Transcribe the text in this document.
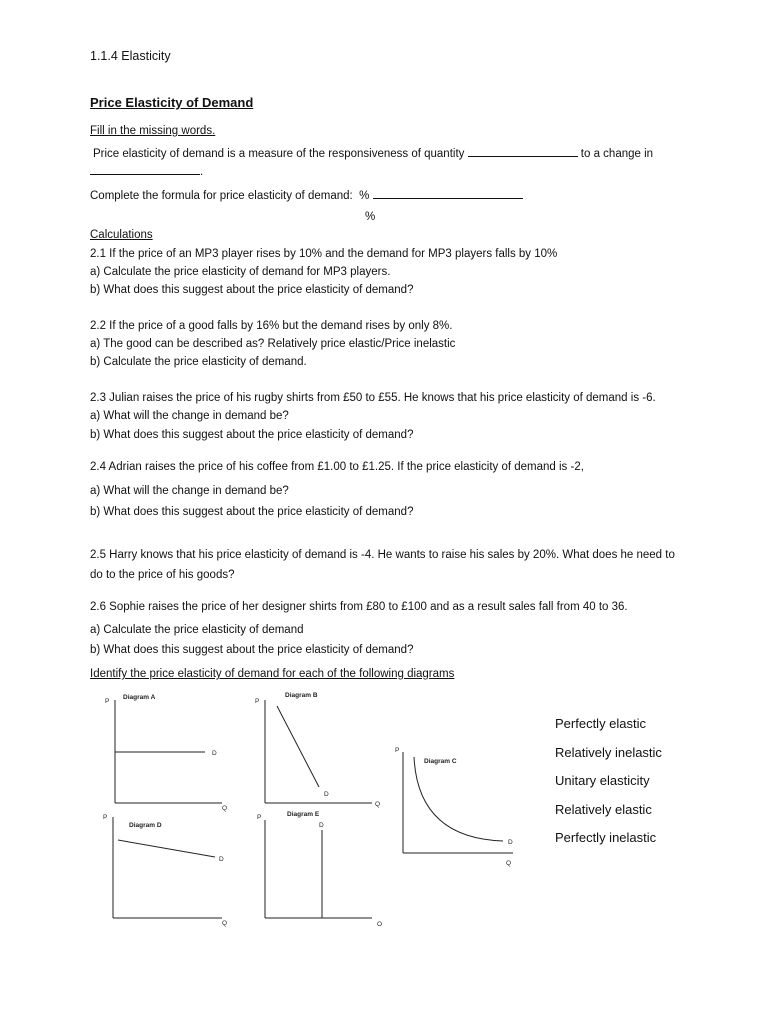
1.1.4 Elasticity
Price Elasticity of Demand
Fill in the missing words.
Price elasticity of demand is a measure of the responsiveness of quantity	to a change in
.
Complete the formula for price elasticity of demand: %
%
Calculations
2.1 If the price of an MP3 player rises by 10% and the demand for MP3 players falls by 10%
a) Calculate the price elasticity of demand for MP3 players.
b) What does this suggest about the price elasticity of demand?
2.2 If the price of a good falls by 16% but the demand rises by only 8%.
a) The good can be described as? Relatively price elastic/Price inelastic
b) Calculate the price elasticity of demand.
2.3 Julian raises the price of his rugby shirts from £50 to £55. He knows that his price elasticity of demand is -6.
a) What will the change in demand be?
b) What does this suggest about the price elasticity of demand?
2.4 Adrian raises the price of his coffee from £1.00 to £1.25. If the price elasticity of demand is -2,
a) What will the change in demand be?
b) What does this suggest about the price elasticity of demand?
2.5 Harry knows that his price elasticity of demand is -4. He wants to raise his sales by 20%. What does he need to
do to the price of his goods?
2.6 Sophie raises the price of her designer shirts from £80 to £100 and as a result sales fall from 40 to 36.
a) Calculate the price elasticity of demand
b) What does this suggest about the price elasticity of demand?
Identify the price elasticity of demand for each of the following diagrams
P
Diagram A
D
Q
P
Diagram B
D
Q
P
Diagram C
D
Q
P
Diagram D
D
Q
P	Diagram E
D
O
Perfectly elastic
Relatively inelastic
Unitary elasticity
Relatively elastic
Perfectly inelastic
